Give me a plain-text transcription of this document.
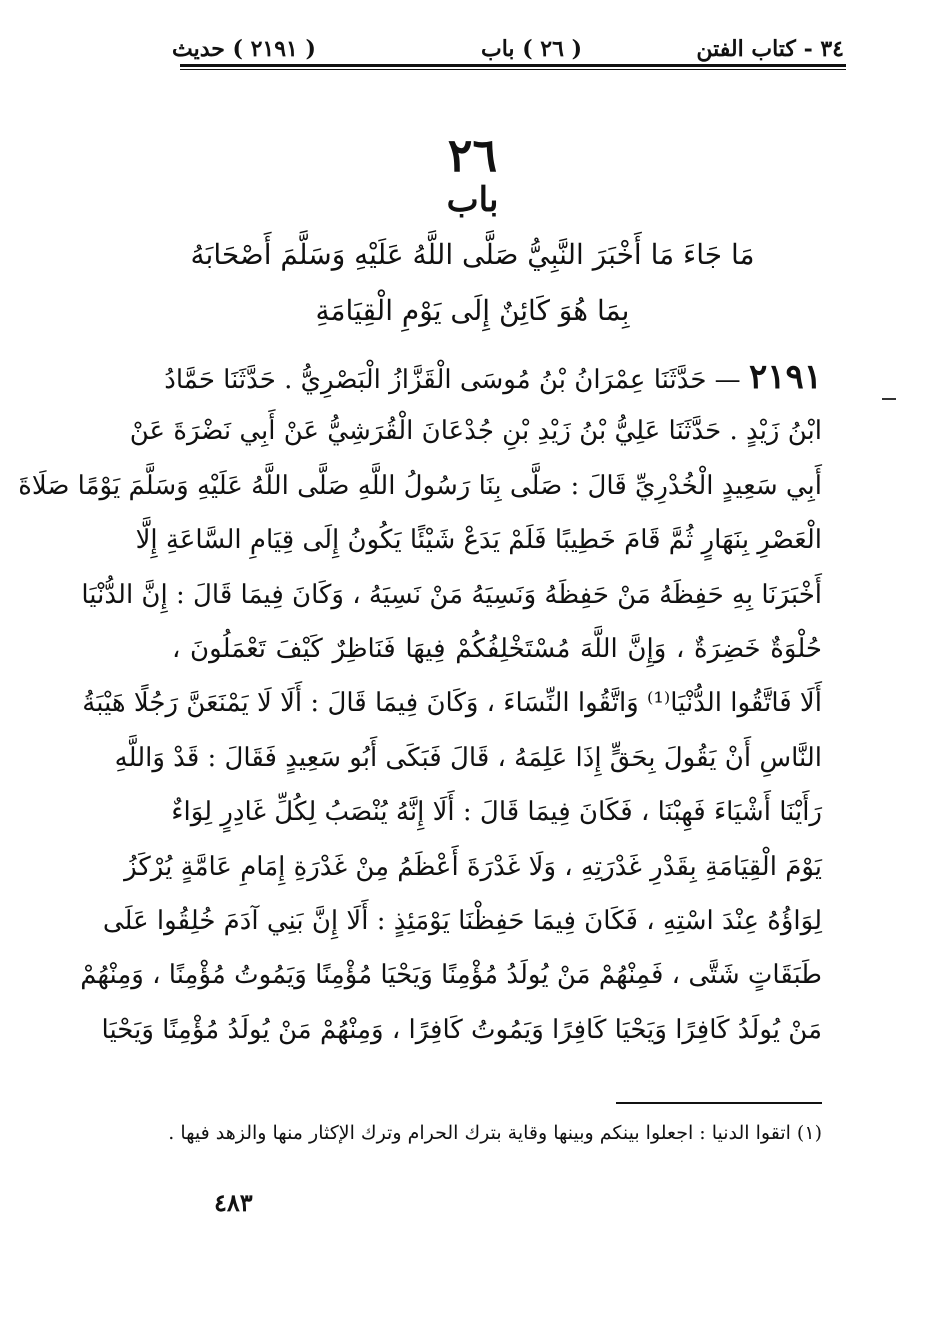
٣٤ - كتاب الفتن
( ٢٦ ) باب
( ٢١٩١ ) حديث
٢٦
باب
مَا جَاءَ مَا أَخْبَرَ النَّبِيُّ صَلَّى اللَّهُ عَلَيْهِ وَسَلَّمَ أَصْحَابَهُ
بِمَا هُوَ كَائِنٌ إِلَى يَوْمِ الْقِيَامَةِ
٢١٩١ — حَدَّثَنَا عِمْرَانُ بْنُ مُوسَى الْقَزَّازُ الْبَصْرِيُّ . حَدَّثَنَا حَمَّادُ
ابْنُ زَيْدٍ . حَدَّثَنَا عَلِيُّ بْنُ زَيْدِ بْنِ جُدْعَانَ الْقُرَشِيُّ عَنْ أَبِي نَضْرَةَ عَنْ
أَبِي سَعِيدٍ الْخُدْرِيِّ قَالَ : صَلَّى بِنَا رَسُولُ اللَّهِ صَلَّى اللَّهُ عَلَيْهِ وَسَلَّمَ يَوْمًا صَلَاةَ
الْعَصْرِ بِنَهَارٍ ثُمَّ قَامَ خَطِيبًا فَلَمْ يَدَعْ شَيْئًا يَكُونُ إِلَى قِيَامِ السَّاعَةِ إِلَّا
أَخْبَرَنَا بِهِ حَفِظَهُ مَنْ حَفِظَهُ وَنَسِيَهُ مَنْ نَسِيَهُ ، وَكَانَ فِيمَا قَالَ : إِنَّ الدُّنْيَا
حُلْوَةٌ خَضِرَةٌ ، وَإِنَّ اللَّهَ مُسْتَخْلِفُكُمْ فِيهَا فَنَاظِرٌ كَيْفَ تَعْمَلُونَ ،
أَلَا فَاتَّقُوا الدُّنْيَا⁽¹⁾ وَاتَّقُوا النِّسَاءَ ، وَكَانَ فِيمَا قَالَ : أَلَا لَا يَمْنَعَنَّ رَجُلًا هَيْبَةُ
النَّاسِ أَنْ يَقُولَ بِحَقٍّ إِذَا عَلِمَهُ ، قَالَ فَبَكَى أَبُو سَعِيدٍ فَقَالَ : قَدْ وَاللَّهِ
رَأَيْنَا أَشْيَاءَ فَهِبْنَا ، فَكَانَ فِيمَا قَالَ : أَلَا إِنَّهُ يُنْصَبُ لِكُلِّ غَادِرٍ لِوَاءٌ
يَوْمَ الْقِيَامَةِ بِقَدْرِ غَدْرَتِهِ ، وَلَا غَدْرَةَ أَعْظَمُ مِنْ غَدْرَةِ إِمَامِ عَامَّةٍ يُرْكَزُ
لِوَاؤُهُ عِنْدَ اسْتِهِ ، فَكَانَ فِيمَا حَفِظْنَا يَوْمَئِذٍ : أَلَا إِنَّ بَنِي آدَمَ خُلِقُوا عَلَى
طَبَقَاتٍ شَتَّى ، فَمِنْهُمْ مَنْ يُولَدُ مُؤْمِنًا وَيَحْيَا مُؤْمِنًا وَيَمُوتُ مُؤْمِنًا ، وَمِنْهُمْ
مَنْ يُولَدُ كَافِرًا وَيَحْيَا كَافِرًا وَيَمُوتُ كَافِرًا ، وَمِنْهُمْ مَنْ يُولَدُ مُؤْمِنًا وَيَحْيَا
(١) اتقوا الدنيا : اجعلوا بينكم وبينها وقاية بترك الحرام وترك الإكثار منها والزهد فيها .
٤٨٣
